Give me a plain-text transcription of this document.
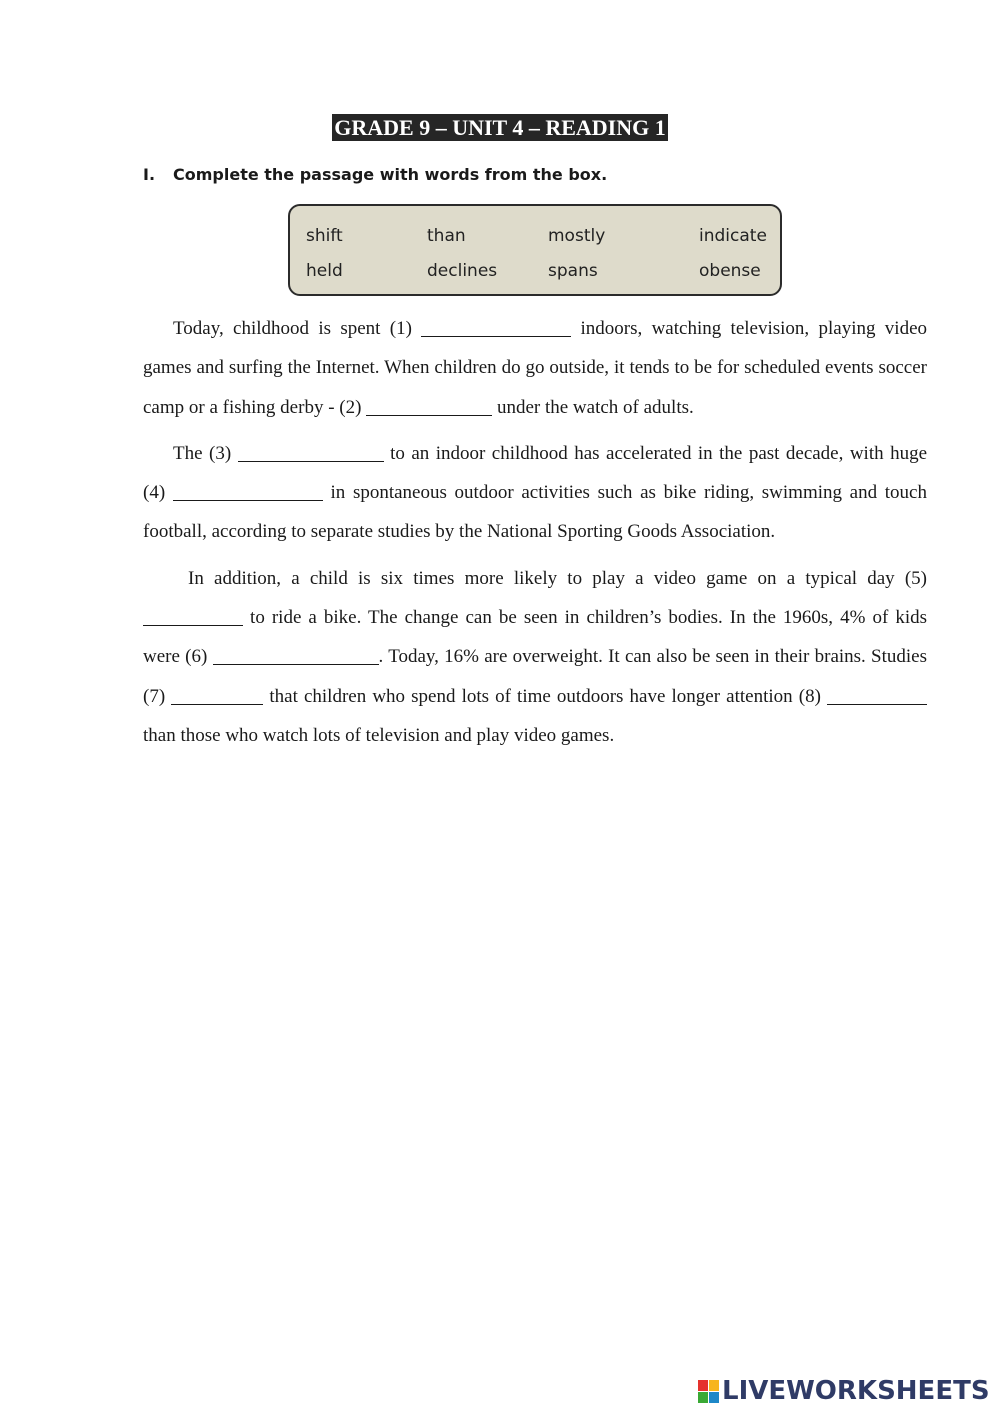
GRADE 9 – UNIT 4 – READING 1
I. Complete the passage with words from the box.
shift	than	mostly	indicate
held	declines	spans	obense

Today, childhood is spent (1)	indoors, watching television, playing video games and surfing the Internet. When children do go outside, it tends to be for scheduled events soccer camp or a fishing derby - (2)	under the watch of adults.

The (3)	to an indoor childhood has accelerated in the past decade, with huge (4)	in spontaneous outdoor activities such as bike riding, swimming and touch football, according to separate studies by the National Sporting Goods Association.

In addition, a child is six times more likely to play a video game on a typical day (5)  to ride a bike. The change can be seen in children’s bodies. In the 1960s, 4% of kids were (6)	. Today, 16% are overweight. It can also be seen in their brains. Studies (7)	that children who spend lots of time outdoors have longer attention (8)  than those who watch lots of television and play video games.

LIVEWORKSHEETS
